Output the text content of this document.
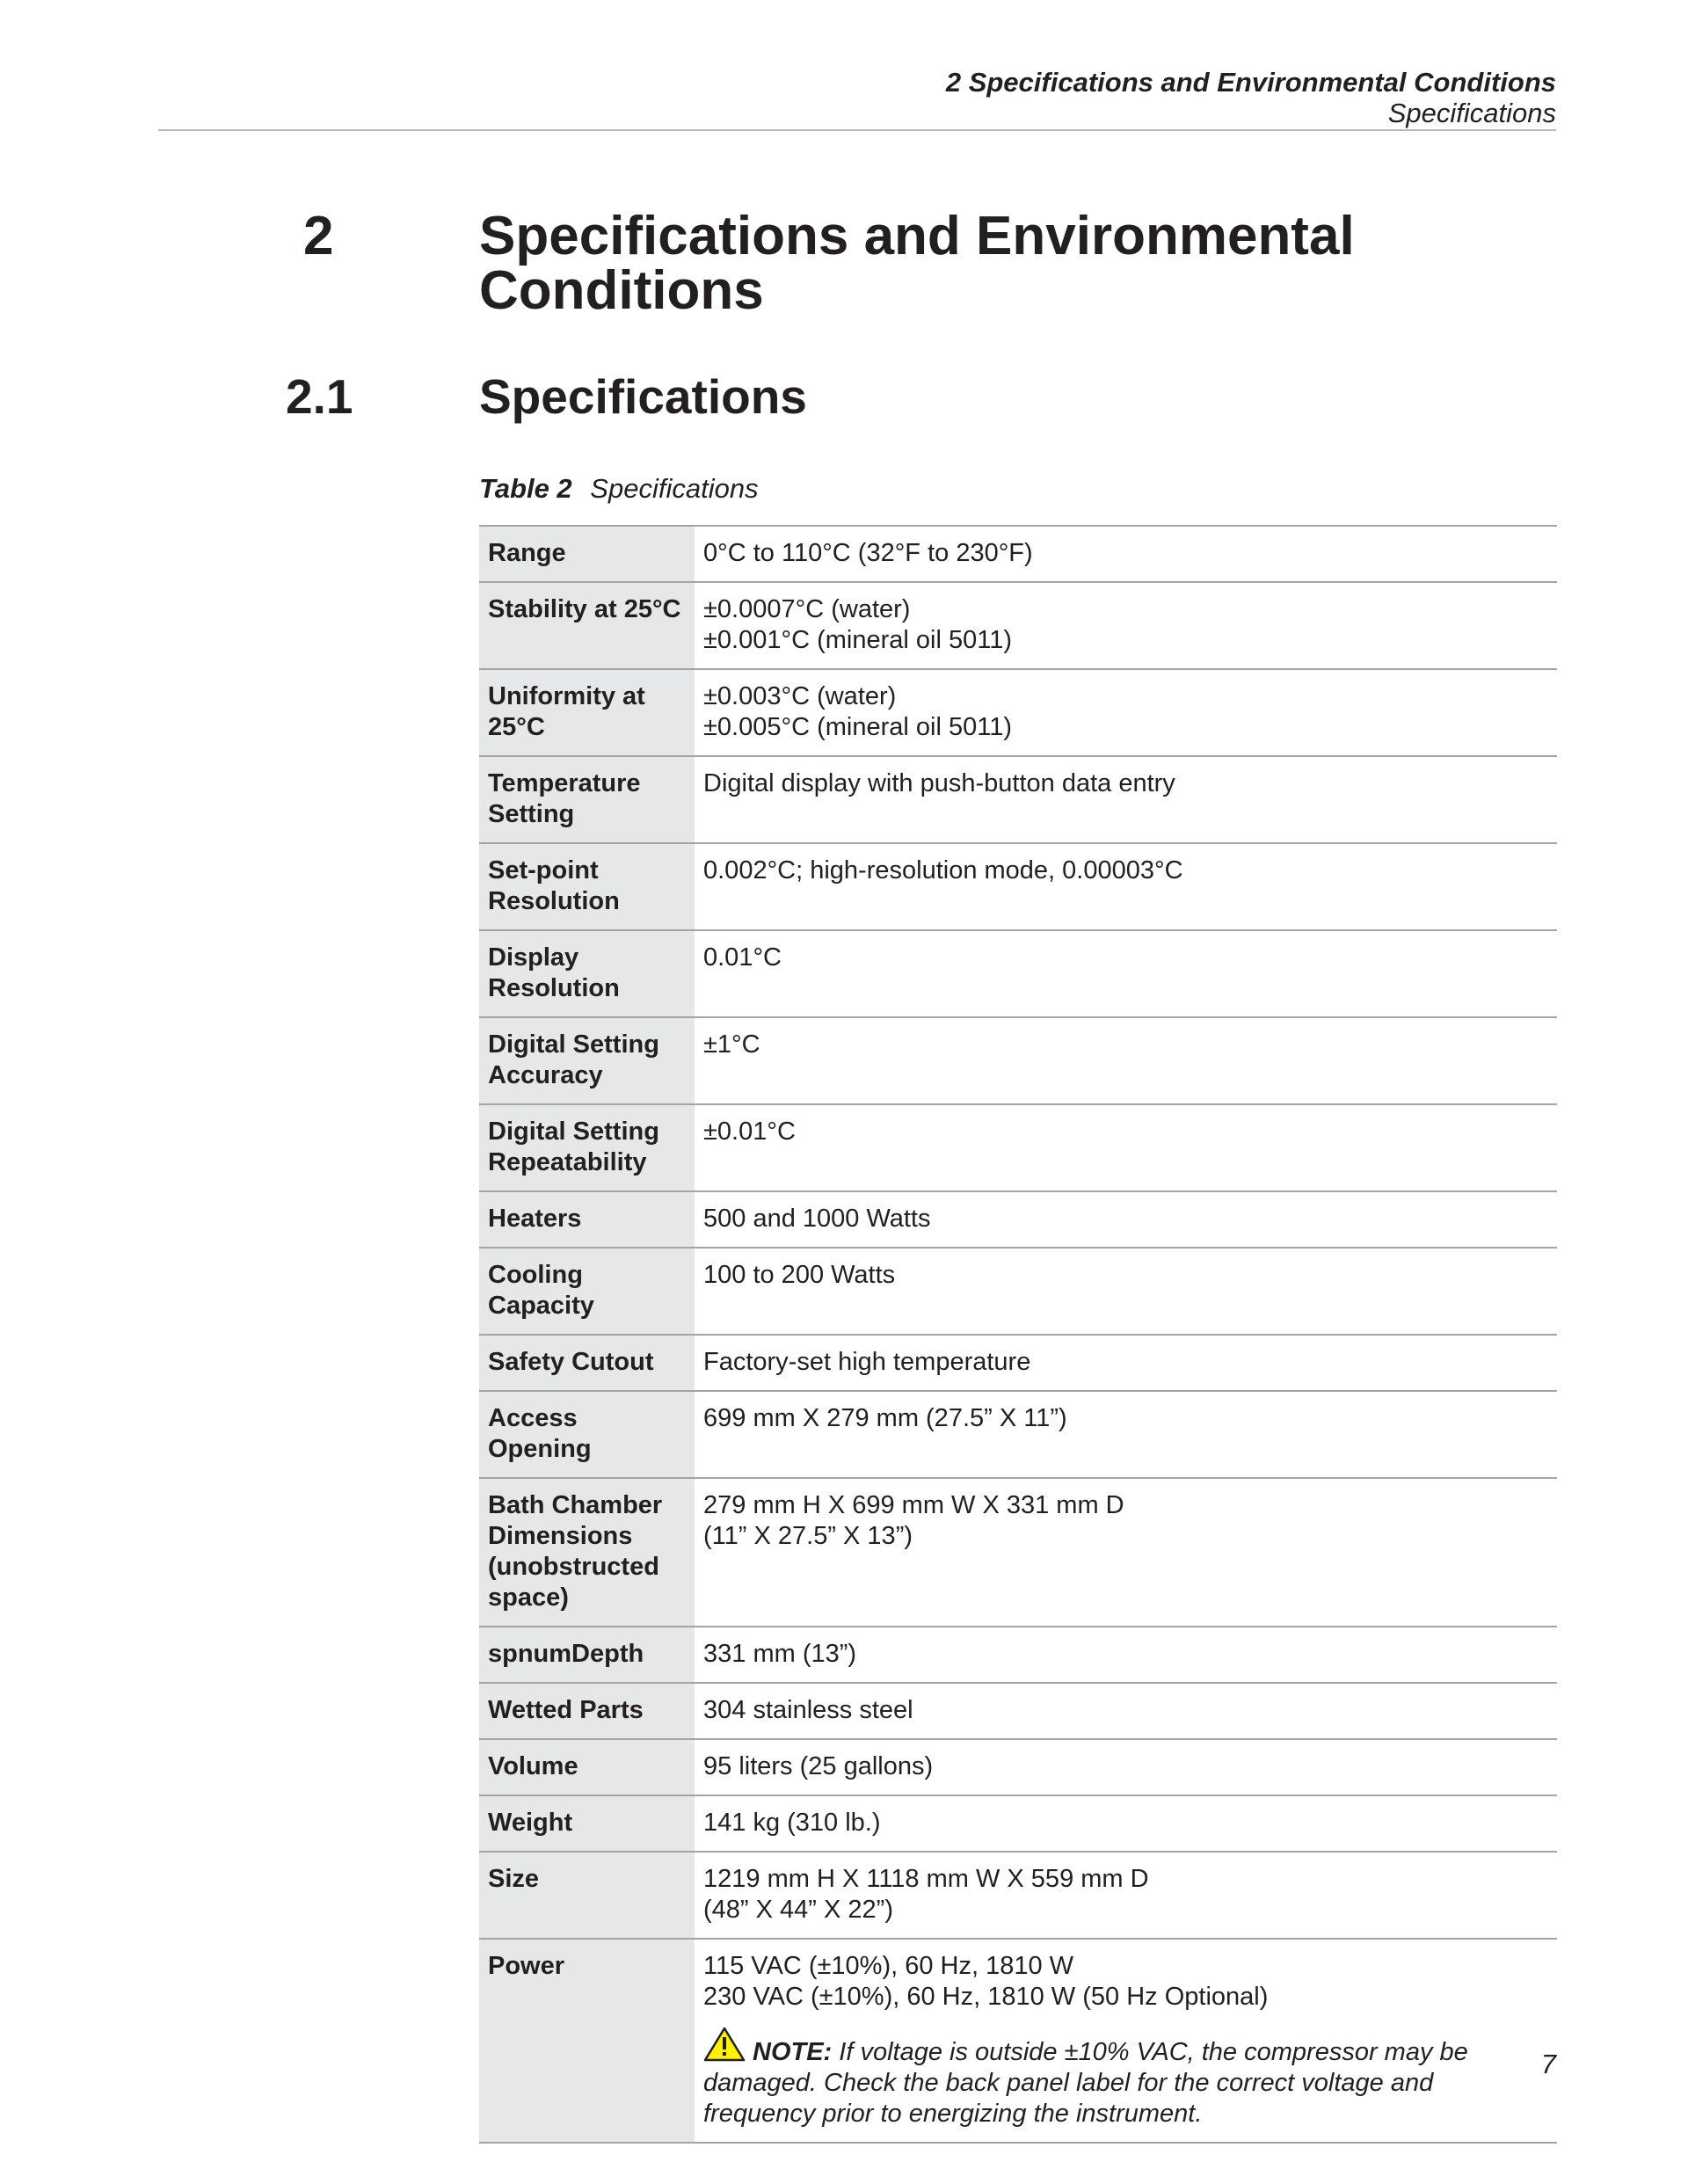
2 Specifications and Environmental Conditions
Specifications
2	Specifications and Environmental Conditions
2.1	Specifications
Table 2 Specifications
Range	0°C to 110°C (32°F to 230°F)

Stability at 25°C	±0.0007°C (water)
±0.001°C (mineral oil 5011)

Uniformity at 25°C	±0.003°C (water)
±0.005°C (mineral oil 5011)

Temperature Setting	Digital display with push-button data entry

Set-point Resolution	0.002°C; high-resolution mode, 0.00003°C

Display Resolution	0.01°C

Digital Setting Accuracy	±1°C

Digital Setting Repeatability	±0.01°C

Heaters	500 and 1000 Watts

Cooling Capacity	100 to 200 Watts

Safety Cutout	Factory-set high temperature

Access Opening	699 mm X 279 mm (27.5” X 11”)

Bath Chamber Dimensions (unobstructed space)	279 mm H X 699 mm W X 331 mm D
(11” X 27.5” X 13”)

spnumDepth	331 mm (13”)

Wetted Parts	304 stainless steel

Volume	95 liters (25 gallons)

Weight	141 kg (310 lb.)

Size	1219 mm H X 1118 mm W X 559 mm D
(48” X 44” X 22”)

Power	115 VAC (±10%), 60 Hz, 1810 W
230 VAC (±10%), 60 Hz, 1810 W (50 Hz Optional)
NOTE: If voltage is outside ±10% VAC, the compressor may be damaged. Check the back panel label for the correct voltage and frequency prior to energizing the instrument.
7
